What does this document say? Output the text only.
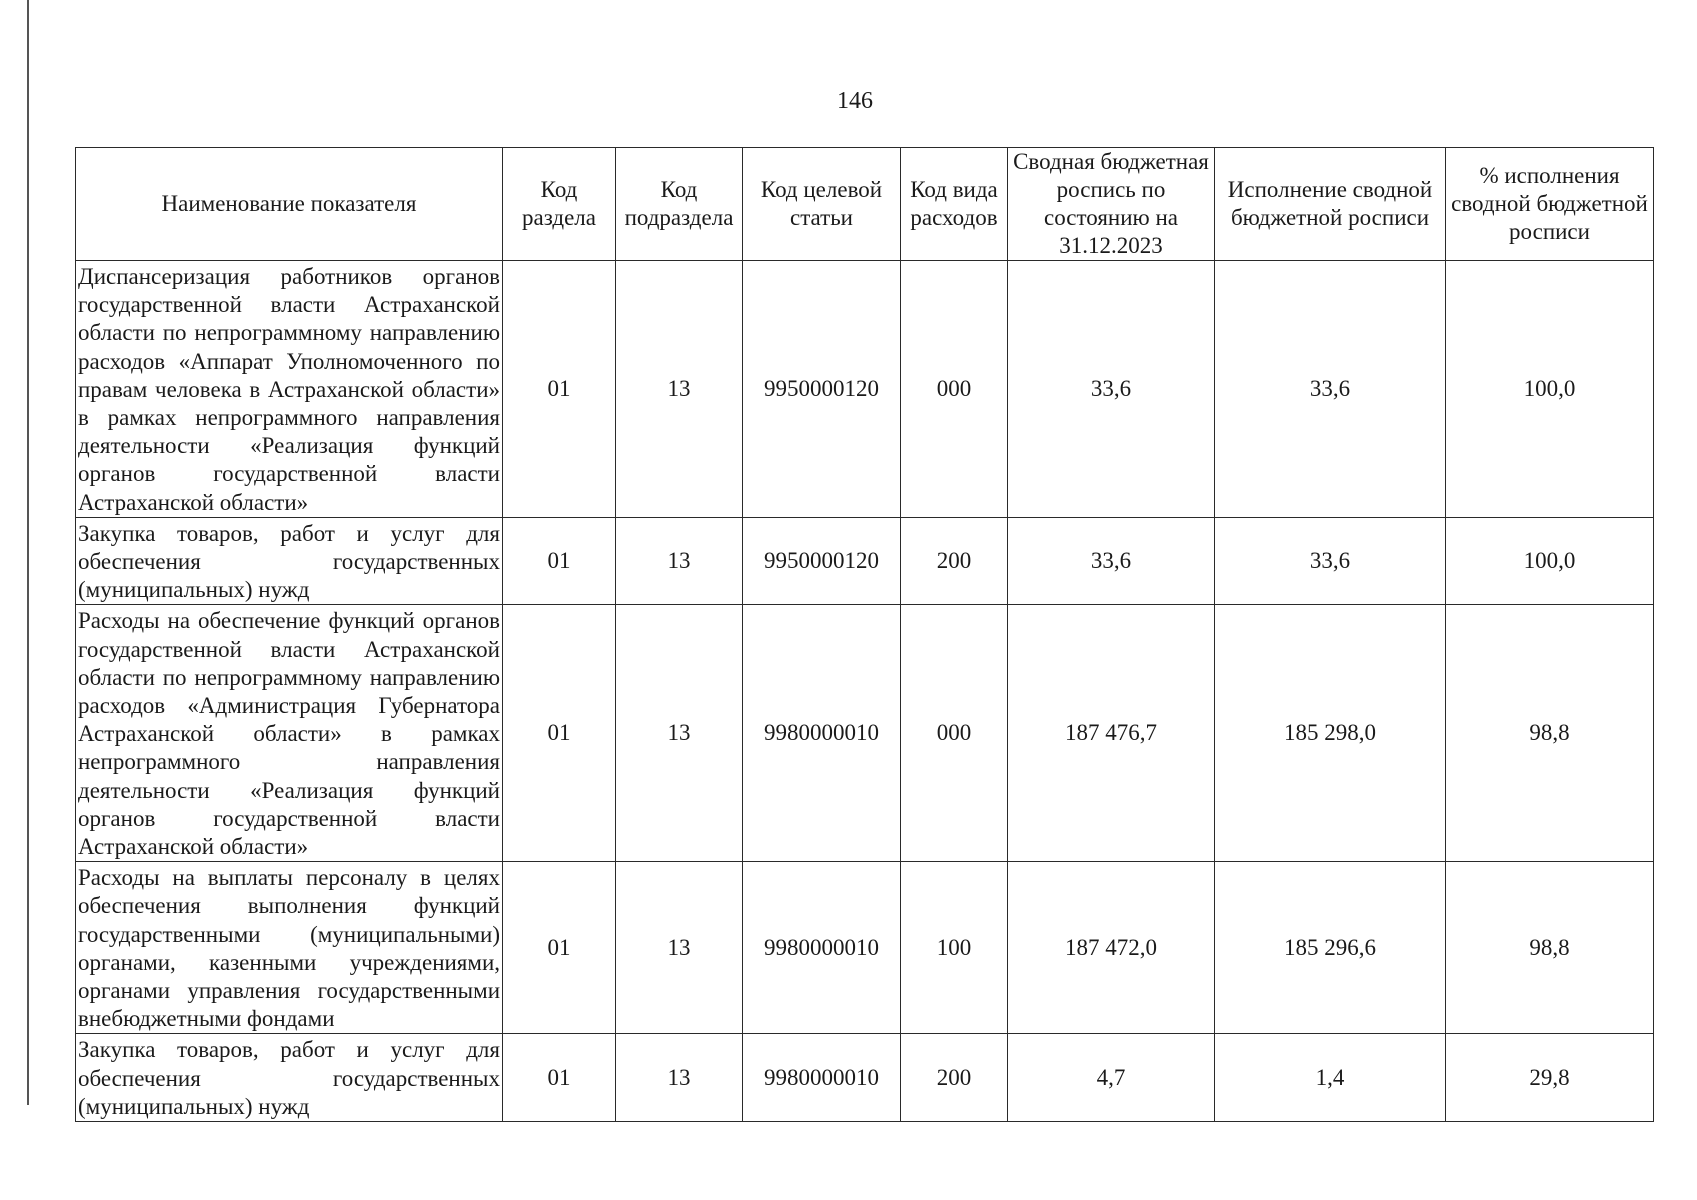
146
Наименование показателя	Код раздела	Код подраздела	Код целевой статьи	Код вида расходов	Сводная бюджетная роспись по состоянию на 31.12.2023	Исполнение сводной бюджетной росписи	% исполнения сводной бюджетной росписи
Диспансеризация работников органов государственной власти Астраханской области по непрограммному направлению расходов «Аппарат Уполномоченного по правам человека в Астраханской области» в рамках непрограммного направления деятельности «Реализация функций органов государственной власти Астраханской области»	01	13	9950000120	000	33,6	33,6	100,0
Закупка товаров, работ и услуг для обеспечения государственных (муниципальных) нужд	01	13	9950000120	200	33,6	33,6	100,0
Расходы на обеспечение функций органов государственной власти Астраханской области по непрограммному направлению расходов «Администрация Губернатора Астраханской области» в рамках непрограммного направления деятельности «Реализация функций органов государственной власти Астраханской области»	01	13	9980000010	000	187 476,7	185 298,0	98,8
Расходы на выплаты персоналу в целях обеспечения выполнения функций государственными (муниципальными) органами, казенными учреждениями, органами управления государственными внебюджетными фондами	01	13	9980000010	100	187 472,0	185 296,6	98,8
Закупка товаров, работ и услуг для обеспечения государственных (муниципальных) нужд	01	13	9980000010	200	4,7	1,4	29,8
